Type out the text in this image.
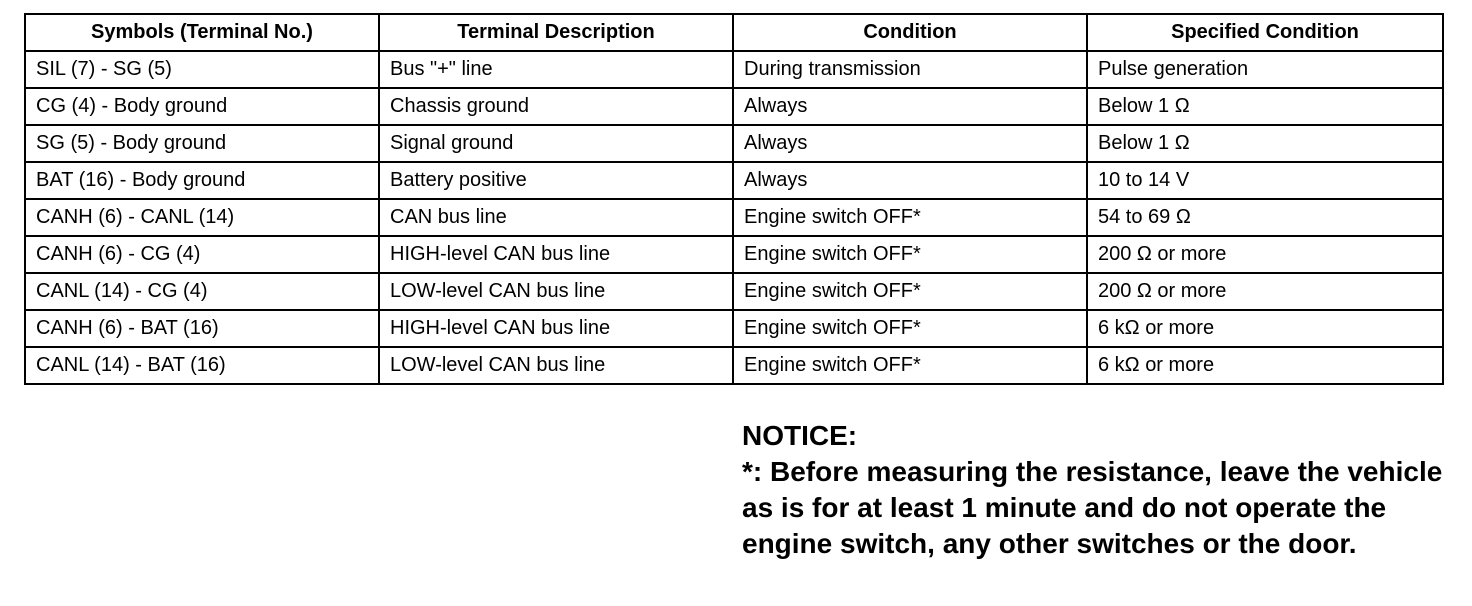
Symbols (Terminal No.)	Terminal Description	Condition	Specified Condition
SIL (7) - SG (5)	Bus "+" line	During transmission	Pulse generation
CG (4) - Body ground	Chassis ground	Always	Below 1 Ω
SG (5) - Body ground	Signal ground	Always	Below 1 Ω
BAT (16) - Body ground	Battery positive	Always	10 to 14 V
CANH (6) - CANL (14)	CAN bus line	Engine switch OFF*	54 to 69 Ω
CANH (6) - CG (4)	HIGH-level CAN bus line	Engine switch OFF*	200 Ω or more
CANL (14) - CG (4)	LOW-level CAN bus line	Engine switch OFF*	200 Ω or more
CANH (6) - BAT (16)	HIGH-level CAN bus line	Engine switch OFF*	6 kΩ or more
CANL (14) - BAT (16)	LOW-level CAN bus line	Engine switch OFF*	6 kΩ or more
NOTICE:
*: Before measuring the resistance, leave the vehicle as is for at least 1 minute and do not operate the engine switch, any other switches or the door.
